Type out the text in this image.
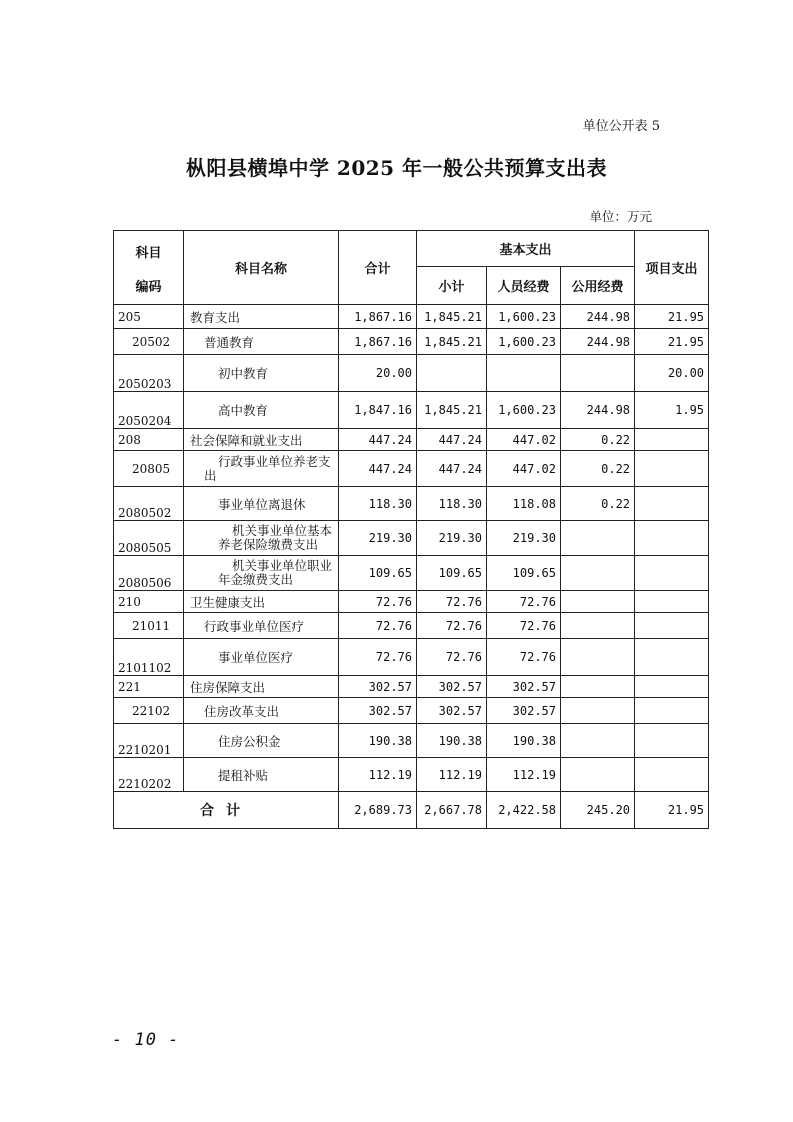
单位公开表 5
枞阳县横埠中学 2025 年一般公共预算支出表
单位：万元
科目
编码	科目名称	合计	基本支出			项目支出
			小计	人员经费	公用经费	
205	教育支出	1,867.16	1,845.21	1,600.23	244.98	21.95
20502	普通教育	1,867.16	1,845.21	1,600.23	244.98	21.95
2050203	初中教育	20.00				20.00
2050204	高中教育	1,847.16	1,845.21	1,600.23	244.98	1.95
208	社会保障和就业支出	447.24	447.24	447.02	0.22	
20805	行政事业单位养老支出	447.24	447.24	447.02	0.22	
2080502	事业单位离退休	118.30	118.30	118.08	0.22	
2080505	机关事业单位基本养老保险缴费支出	219.30	219.30	219.30		
2080506	机关事业单位职业年金缴费支出	109.65	109.65	109.65		
210	卫生健康支出	72.76	72.76	72.76		
21011	行政事业单位医疗	72.76	72.76	72.76		
2101102	事业单位医疗	72.76	72.76	72.76		
221	住房保障支出	302.57	302.57	302.57		
22102	住房改革支出	302.57	302.57	302.57		
2210201	住房公积金	190.38	190.38	190.38		
2210202	提租补贴	112.19	112.19	112.19		
合计		2,689.73	2,667.78	2,422.58	245.20	21.95
- 10 -
